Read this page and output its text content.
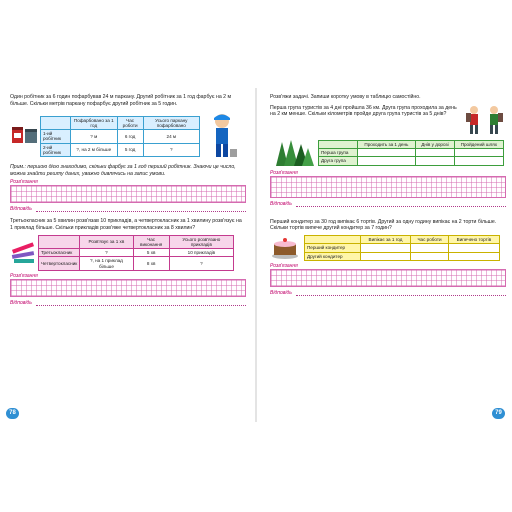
Один робітник за 6 годин пофарбував 24 м паркану. Другий робітник за 1 год фарбує на 2 м більше. Скільки метрів паркану пофарбує другий робітник за 5 годин.

	Пофарбовано за 1 год	Час роботи	Усього паркану пофарбовано
1-ий робітник	? м	6 год	24 м
2-ий робітник	?, на 2 м більше	5 год	?

Прим.: першою дією знаходимо, скільки фарбує за 1 год перший робітник. Знаючи це число, можна знайти решту даних, уважно дивлячись на запис умови.

Розв'язання

Відповідь

Третьокласник за 5 хвилин розв'язав 10 прикладів, а четвертокласник за 1 хвилину розв'язує на 1 приклад більше. Скільки прикладів розв'яже четвертокласник за 8 хвилин?

	Розв'язує за 1 хв	Час виконання	Усього розв'язано прикладів
Третьокласник	?	5 хв	10 прикладів
Четвертокласник	?, на 1 приклад більше	8 хв	?

Розв'язання

Відповідь

Розв'яжи задачі. Запиши коротку умову в таблицю самостійно.

Перша група туристів за 4 дні пройшла 36 км. Друга група проходила за день на 2 км менше. Скільки кілометрів пройде друга група туристів за 5 днів?

	Проходить за 1 день	Днів у дорозі	Пройдений шлях
Перша група			
Друга група			

Розв'язання

Відповідь

Перший кондитер за 30 год випікає 6 тортів. Другий за одну годину випікає на 2 торти більше. Скільки тортів випече другий кондитер за 7 годин?

	Випікає за 1 год	Час роботи	Випечено тортів
Перший кондитер			
Другий кондитер			

Розв'язання

Відповідь

78	79
